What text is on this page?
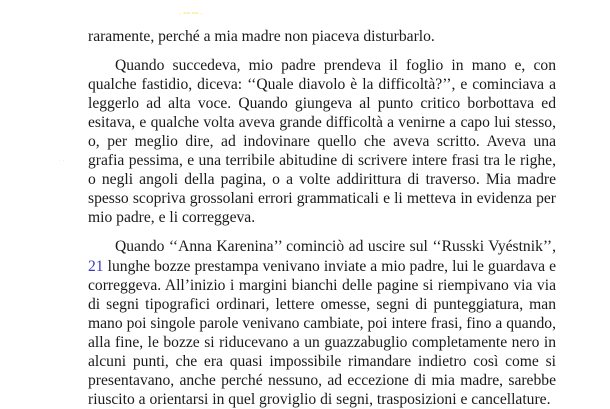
·╍╍·
‧‧

raramente, perché a mia madre non piaceva disturbarlo.

Quando succedeva, mio padre prendeva il foglio in mano e, con qualche fastidio, diceva: ‘‘Quale diavolo è la difficoltà?’’, e cominciava a leggerlo ad alta voce. Quando giungeva al punto critico borbottava ed esitava, e qualche volta aveva grande difficoltà a venirne a capo lui stesso, o, per meglio dire, ad indovinare quello che aveva scritto. Aveva una grafia pessima, e una terribile abitudine di scrivere intere frasi tra le righe, o negli angoli della pagina, o a volte addirittura di traverso. Mia madre spesso scopriva grossolani errori grammaticali e li metteva in evidenza per mio padre, e li correggeva.

Quando ‘‘Anna Karenina’’ cominciò ad uscire sul ‘‘Russki Vyéstnik’’, 21 lunghe bozze prestampa venivano inviate a mio padre, lui le guardava e correggeva. All’inizio i margini bianchi delle pagine si riempivano via via di segni tipografici ordinari, lettere omesse, segni di punteggiatura, man mano poi singole parole venivano cambiate, poi intere frasi, fino a quando, alla fine, le bozze si riducevano a un guazzabuglio completamente nero in alcuni punti, che era quasi impossibile rimandare indietro così come si presentavano, anche perché nessuno, ad eccezione di mia madre, sarebbe riuscito a orientarsi in quel groviglio di segni, trasposizioni e cancellature.
